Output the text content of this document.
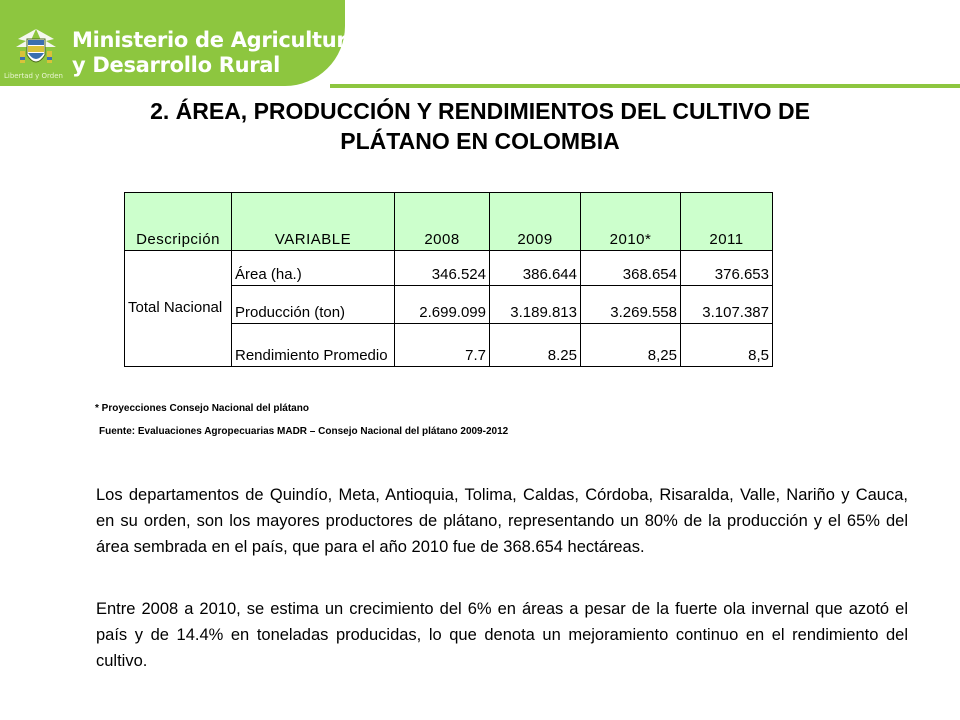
Libertad y Orden
Ministerio de Agricultura
y Desarrollo Rural
2. ÁREA, PRODUCCIÓN Y RENDIMIENTOS DEL CULTIVO DE
PLÁTANO EN COLOMBIA
Descripción	VARIABLE	2008	2009	2010*	2011
Total Nacional	Área (ha.)	346.524	386.644	368.654	376.653
	Producción (ton)	2.699.099	3.189.813	3.269.558	3.107.387
	Rendimiento Promedio	7.7	8.25	8,25	8,5
* Proyecciones Consejo Nacional del plátano
Fuente: Evaluaciones Agropecuarias MADR – Consejo Nacional del plátano 2009-2012

Los departamentos de Quindío, Meta, Antioquia, Tolima, Caldas, Córdoba, Risaralda, Valle, Nariño y Cauca, en su orden, son los mayores productores de plátano, representando un 80% de la producción y el 65% del área sembrada en el país, que para el año 2010 fue de 368.654 hectáreas.

Entre 2008 a 2010, se estima un crecimiento del 6% en áreas a pesar de la fuerte ola invernal que azotó el país y de 14.4% en toneladas producidas, lo que denota un mejoramiento continuo en el rendimiento del cultivo.
